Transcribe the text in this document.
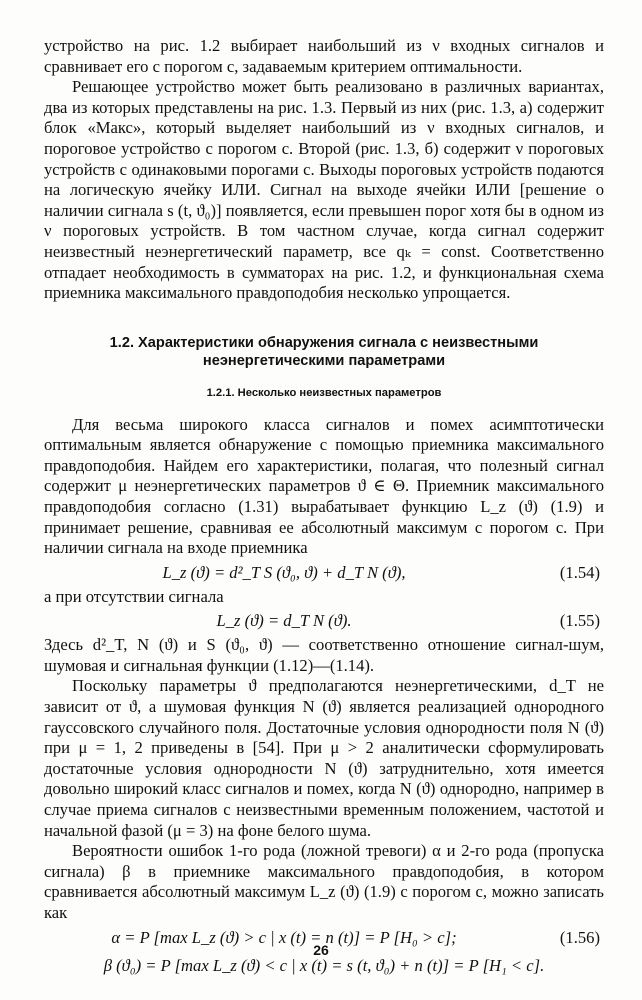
устройство на рис. 1.2 выбирает наибольший из ν входных сигналов и сравнивает его с порогом c, задаваемым критерием оптимальности.

Решающее устройство может быть реализовано в различных вариантах, два из которых представлены на рис. 1.3. Первый из них (рис. 1.3, а) содержит блок «Макс», который выделяет наибольший из ν входных сигналов, и пороговое устройство с порогом c. Второй (рис. 1.3, б) содержит ν пороговых устройств с одинаковыми порогами c. Выходы пороговых устройств подаются на логическую ячейку ИЛИ. Сигнал на выходе ячейки ИЛИ [решение о наличии сигнала s (t, ϑ₀)] появляется, если превышен порог хотя бы в одном из ν пороговых устройств. В том частном случае, когда сигнал содержит неизвестный неэнергетический параметр, все qₖ = const. Соответственно отпадает необходимость в сумматорах на рис. 1.2, и функциональная схема приемника максимального правдоподобия несколько упрощается.

1.2. Характеристики обнаружения сигнала с неизвестными
неэнергетическими параметрами
1.2.1. Несколько неизвестных параметров

Для весьма широкого класса сигналов и помех асимптотически оптимальным является обнаружение с помощью приемника максимального правдоподобия. Найдем его характеристики, полагая, что полезный сигнал содержит μ неэнергетических параметров ϑ ∈ Θ. Приемник максимального правдоподобия согласно (1.31) вырабатывает функцию L_z (ϑ) (1.9) и принимает решение, сравнивая ее абсолютный максимум с порогом c. При наличии сигнала на входе приемника

L_z (ϑ) = d²_T S (ϑ₀, ϑ) + d_T N (ϑ),	(1.54)

а при отсутствии сигнала

L_z (ϑ) = d_T N (ϑ).	(1.55)

Здесь d²_T, N (ϑ) и S (ϑ₀, ϑ) — соответственно отношение сигнал-шум, шумовая и сигнальная функции (1.12)—(1.14).

Поскольку параметры ϑ предполагаются неэнергетическими, d_T не зависит от ϑ, а шумовая функция N (ϑ) является реализацией однородного гауссовского случайного поля. Достаточные условия однородности поля N (ϑ) при μ = 1, 2 приведены в [54]. При μ > 2 аналитически сформулировать достаточные условия однородности N (ϑ) затруднительно, хотя имеется довольно широкий класс сигналов и помех, когда N (ϑ) однородно, например в случае приема сигналов с неизвестными временным положением, частотой и начальной фазой (μ = 3) на фоне белого шума.

Вероятности ошибок 1-го рода (ложной тревоги) α и 2-го рода (пропуска сигнала) β в приемнике максимального правдоподобия, в котором сравнивается абсолютный максимум L_z (ϑ) (1.9) с порогом c, можно записать как

α = P [max L_z (ϑ) > c | x (t) = n (t)] = P [H₀ > c];	(1.56)
β (ϑ₀) = P [max L_z (ϑ) < c | x (t) = s (t, ϑ₀) + n (t)] = P [H₁ < c].
26
